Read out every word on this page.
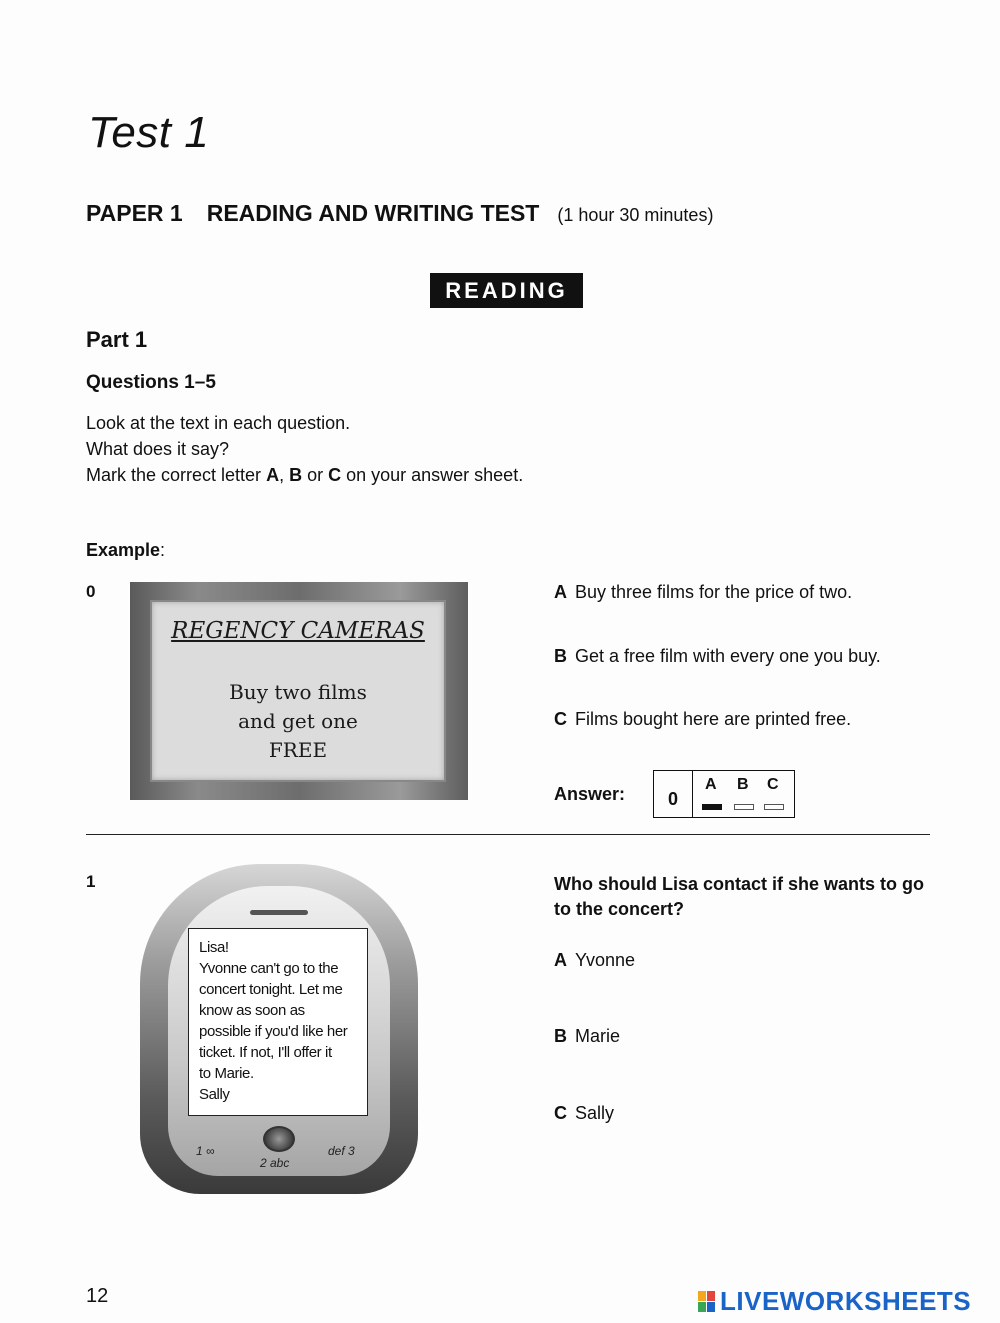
Test 1
PAPER 1 READING AND WRITING TEST (1 hour 30 minutes)
READING
Part 1
Questions 1–5
Look at the text in each question.
What does it say?
Mark the correct letter A, B or C on your answer sheet.
Example:
0
REGENCY CAMERAS
Buy two films
and get one
FREE
A Buy three films for the price of two.
B Get a free film with every one you buy.
C Films bought here are printed free.
Answer:	0
A B C
1
Lisa!
Yvonne can't go to the
concert tonight. Let me
know as soon as
possible if you'd like her
ticket. If not, I'll offer it
to Marie.
Sally
1 ∞
2 abc
def 3
Who should Lisa contact if she wants to go to the concert?
A Yvonne
B Marie
C Sally
12	LIVEWORKSHEETS
